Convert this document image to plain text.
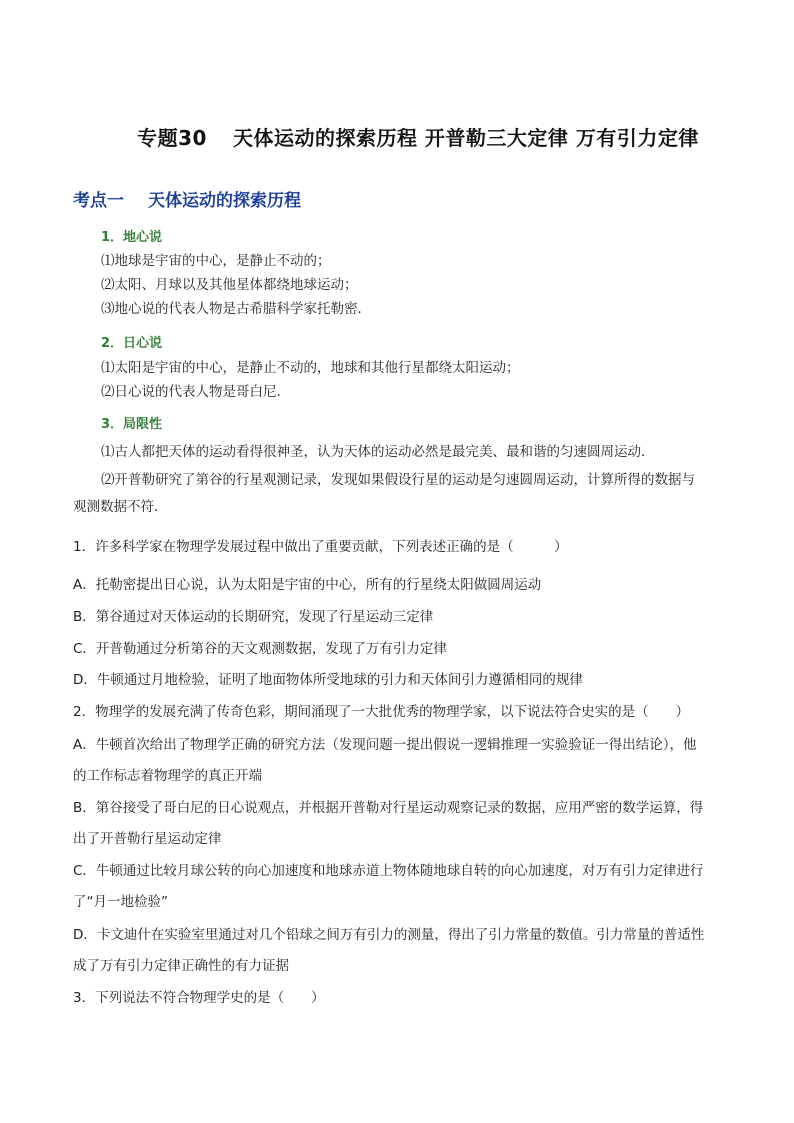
专题30 天体运动的探索历程 开普勒三大定律 万有引力定律
考点一 天体运动的探索历程
1．地心说
⑴地球是宇宙的中心，是静止不动的；
⑵太阳、月球以及其他星体都绕地球运动；
⑶地心说的代表人物是古希腊科学家托勒密．
2．日心说
⑴太阳是宇宙的中心，是静止不动的，地球和其他行星都绕太阳运动；
⑵日心说的代表人物是哥白尼．
3．局限性
⑴古人都把天体的运动看得很神圣，认为天体的运动必然是最完美、最和谐的匀速圆周运动．
⑵开普勒研究了第谷的行星观测记录，发现如果假设行星的运动是匀速圆周运动，计算所得的数据与
观测数据不符．
1．许多科学家在物理学发展过程中做出了重要贡献，下列表述正确的是（　　　）
A．托勒密提出日心说，认为太阳是宇宙的中心，所有的行星绕太阳做圆周运动
B．第谷通过对天体运动的长期研究，发现了行星运动三定律
C．开普勒通过分析第谷的天文观测数据，发现了万有引力定律
D．牛顿通过月地检验，证明了地面物体所受地球的引力和天体间引力遵循相同的规律
2．物理学的发展充满了传奇色彩，期间涌现了一大批优秀的物理学家，以下说法符合史实的是（　　）
A．牛顿首次给出了物理学正确的研究方法（发现问题一提出假说一逻辑推理一实验验证一得出结论），他
的工作标志着物理学的真正开端
B．第谷接受了哥白尼的日心说观点，并根据开普勒对行星运动观察记录的数据，应用严密的数学运算，得
出了开普勒行星运动定律
C．牛顿通过比较月球公转的向心加速度和地球赤道上物体随地球自转的向心加速度，对万有引力定律进行
了“月一地检验”
D．卡文迪什在实验室里通过对几个铅球之间万有引力的测量，得出了引力常量的数值。引力常量的普适性
成了万有引力定律正确性的有力证据
3．下列说法不符合物理学史的是（　　）
